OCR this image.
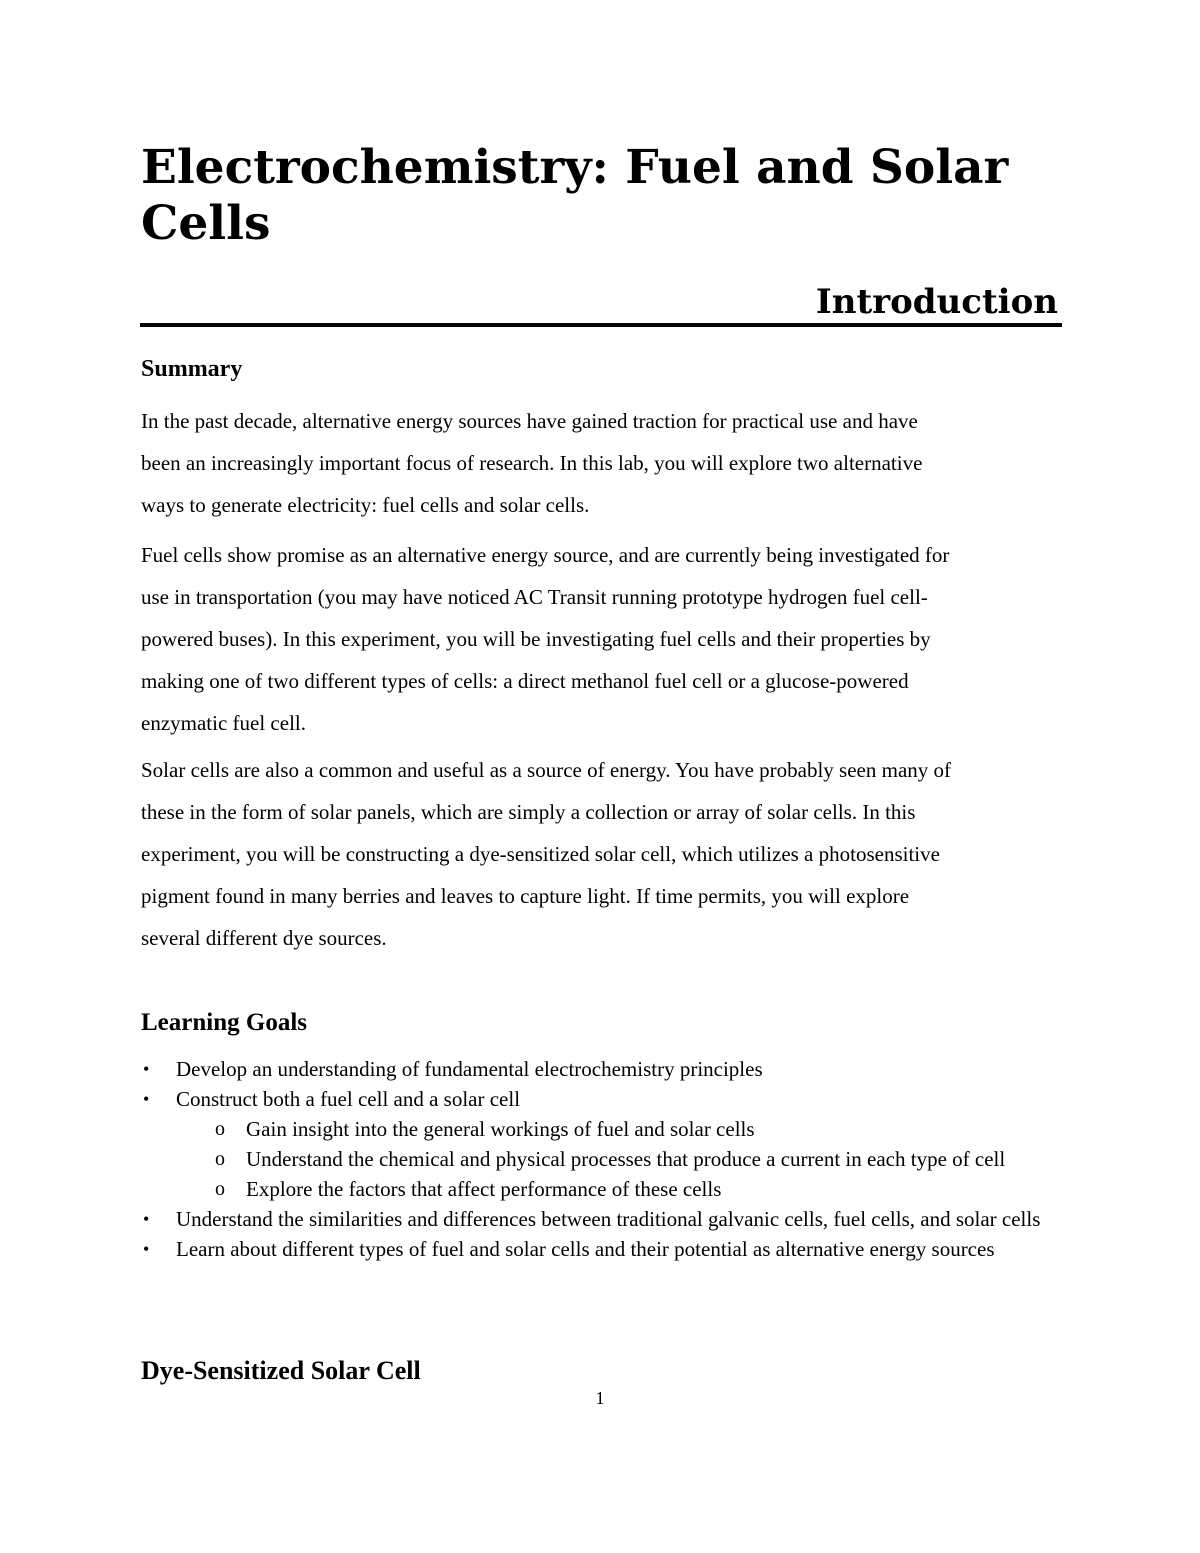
Electrochemistry: Fuel and Solar Cells
Introduction
Summary

In the past decade, alternative energy sources have gained traction for practical use and have
been an increasingly important focus of research. In this lab, you will explore two alternative
ways to generate electricity: fuel cells and solar cells.

Fuel cells show promise as an alternative energy source, and are currently being investigated for
use in transportation (you may have noticed AC Transit running prototype hydrogen fuel cell-
powered buses). In this experiment, you will be investigating fuel cells and their properties by
making one of two different types of cells: a direct methanol fuel cell or a glucose-powered
enzymatic fuel cell.

Solar cells are also a common and useful as a source of energy. You have probably seen many of
these in the form of solar panels, which are simply a collection or array of solar cells. In this
experiment, you will be constructing a dye-sensitized solar cell, which utilizes a photosensitive
pigment found in many berries and leaves to capture light. If time permits, you will explore
several different dye sources.

Learning Goals
• Develop an understanding of fundamental electrochemistry principles
• Construct both a fuel cell and a solar cell
o Gain insight into the general workings of fuel and solar cells
o Understand the chemical and physical processes that produce a current in each type of cell
o Explore the factors that affect performance of these cells
• Understand the similarities and differences between traditional galvanic cells, fuel cells, and solar cells
• Learn about different types of fuel and solar cells and their potential as alternative energy sources
Dye-Sensitized Solar Cell
1
